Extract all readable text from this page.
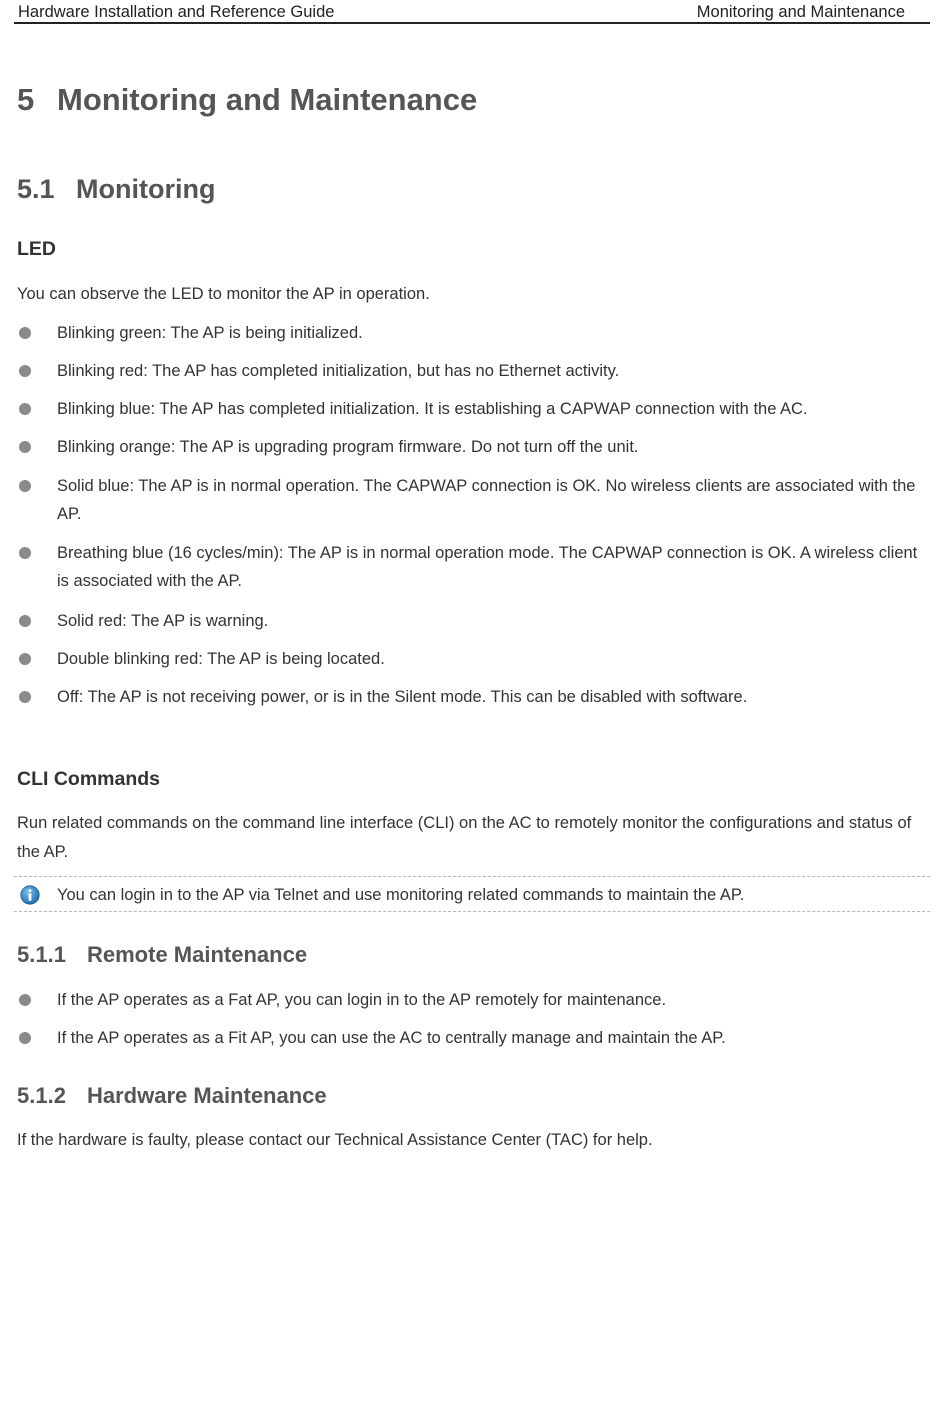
Hardware Installation and Reference Guide	Monitoring and Maintenance
5 Monitoring and Maintenance
5.1 Monitoring
LED
You can observe the LED to monitor the AP in operation.
Blinking green: The AP is being initialized.
Blinking red: The AP has completed initialization, but has no Ethernet activity.
Blinking blue: The AP has completed initialization. It is establishing a CAPWAP connection with the AC.
Blinking orange: The AP is upgrading program firmware. Do not turn off the unit.
Solid blue: The AP is in normal operation. The CAPWAP connection is OK. No wireless clients are associated with the AP.
Breathing blue (16 cycles/min): The AP is in normal operation mode. The CAPWAP connection is OK. A wireless client is associated with the AP.
Solid red: The AP is warning.
Double blinking red: The AP is being located.
Off: The AP is not receiving power, or is in the Silent mode. This can be disabled with software.
CLI Commands
Run related commands on the command line interface (CLI) on the AC to remotely monitor the configurations and status of the AP.
You can login in to the AP via Telnet and use monitoring related commands to maintain the AP.
5.1.1 Remote Maintenance
If the AP operates as a Fat AP, you can login in to the AP remotely for maintenance.
If the AP operates as a Fit AP, you can use the AC to centrally manage and maintain the AP.
5.1.2 Hardware Maintenance
If the hardware is faulty, please contact our Technical Assistance Center (TAC) for help.
